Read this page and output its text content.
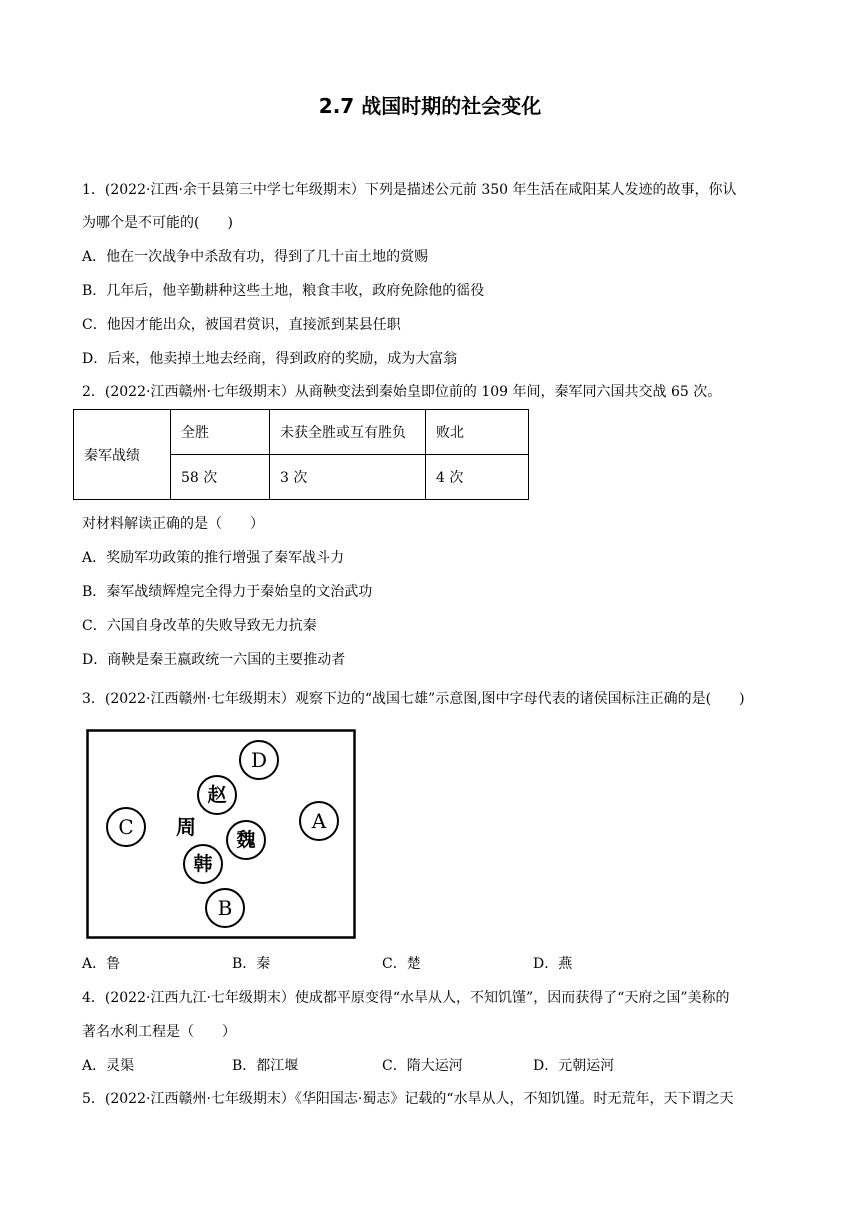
2.7 战国时期的社会变化
1．(2022·江西·余干县第三中学七年级期末）下列是描述公元前 350 年生活在咸阳某人发迹的故事，你认
为哪个是不可能的(　　)
A．他在一次战争中杀敌有功，得到了几十亩土地的赏赐
B．几年后，他辛勤耕种这些土地，粮食丰收，政府免除他的徭役
C．他因才能出众，被国君赏识，直接派到某县任职
D．后来，他卖掉土地去经商，得到政府的奖励，成为大富翁
2．(2022·江西赣州·七年级期末）从商鞅变法到秦始皇即位前的 109 年间，秦军同六国共交战 65 次。
秦军战绩	全胜	未获全胜或互有胜负	败北
	58 次	3 次	4 次
对材料解读正确的是（　　）
A．奖励军功政策的推行增强了秦军战斗力
B．秦军战绩辉煌完全得力于秦始皇的文治武功
C．六国自身改革的失败导致无力抗秦
D．商鞅是秦王嬴政统一六国的主要推动者
3．(2022·江西赣州·七年级期末）观察下边的“战国七雄”示意图,图中字母代表的诸侯国标注正确的是(　　)
D
赵
C 周
魏
A
韩
B
A．鲁	B．秦	C．楚	D．燕
4．(2022·江西九江·七年级期末）使成都平原变得“水旱从人，不知饥馑”，因而获得了“天府之国”美称的
著名水利工程是（　　）
A．灵渠	B．都江堰	C．隋大运河	D．元朝运河
5．(2022·江西赣州·七年级期末）《华阳国志·蜀志》记载的“水旱从人，不知饥馑。时无荒年，天下谓之天
